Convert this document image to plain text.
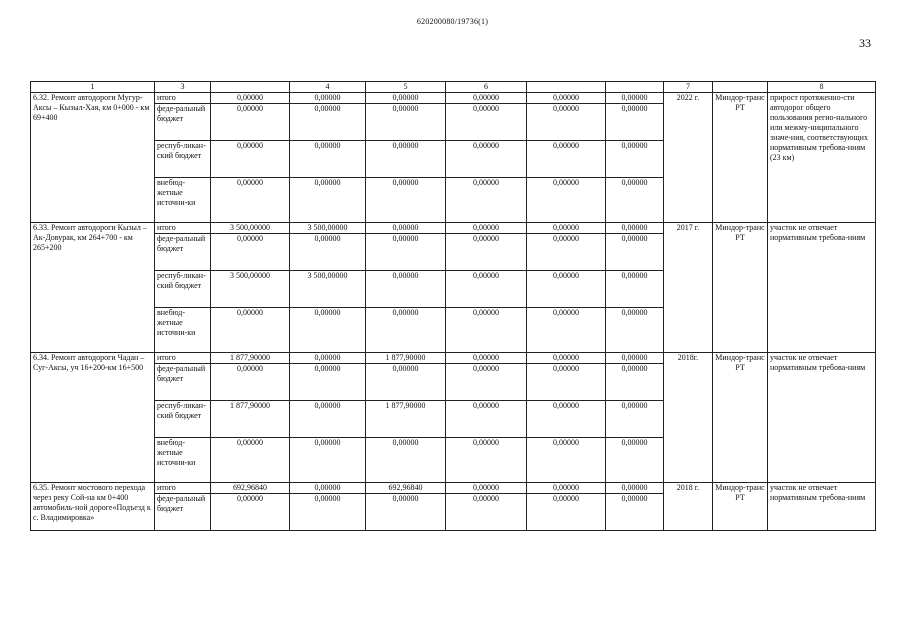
620200080/19736(1)
33
1	3		4	5	6			7		8
6.32. Ремонт автодороги Мугур-Аксы – Кызыл-Хая, км 0+000 - км 69+400	итого	0,00000	0,00000	0,00000	0,00000	0,00000	0,00000	2022 г.	Миндор-транс РТ	прирост протяженно-сти автодорог общего пользования регио-нального или межму-ниципального значе-ния, соответствующих нормативным требова-ниям (23 км)
	феде-ральный бюджет	0,00000	0,00000	0,00000	0,00000	0,00000	0,00000			
	респуб-ликан-ский бюджет	0,00000	0,00000	0,00000	0,00000	0,00000	0,00000			
	внебюд-жетные источни-ки	0,00000	0,00000	0,00000	0,00000	0,00000	0,00000			
6.33. Ремонт автодороги Кызыл – Ак-Довурак, км 264+700 - км 265+200	итого	3 500,00000	3 500,00000	0,00000	0,00000	0,00000	0,00000	2017 г.	Миндор-транс РТ	участок не отвечает нормативным требова-ниям
	феде-ральный бюджет	0,00000	0,00000	0,00000	0,00000	0,00000	0,00000			
	респуб-ликан-ский бюджет	3 500,00000	3 500,00000	0,00000	0,00000	0,00000	0,00000			
	внебюд-жетные источни-ки	0,00000	0,00000	0,00000	0,00000	0,00000	0,00000			
6.34. Ремонт автодороги Чадан – Суг-Аксы, уч 16+200-км 16+500	итого	1 877,90000	0,00000	1 877,90000	0,00000	0,00000	0,00000	2018г.	Миндор-транс РТ	участок не отвечает нормативным требова-ниям
	феде-ральный бюджет	0,00000	0,00000	0,00000	0,00000	0,00000	0,00000			
	респуб-ликан-ский бюджет	1 877,90000	0,00000	1 877,90000	0,00000	0,00000	0,00000			
	внебюд-жетные источни-ки	0,00000	0,00000	0,00000	0,00000	0,00000	0,00000			
6.35. Ремонт мостового перехода через реку Сой-на км 0+400 автомобиль-ной дороге«Подъезд к с. Владимировка»	итого	692,96840	0,00000	692,96840	0,00000	0,00000	0,00000	2018 г.	Миндор-транс РТ	участок не отвечает нормативным требова-ниям
	феде-ральный бюджет	0,00000	0,00000	0,00000	0,00000	0,00000	0,00000			
